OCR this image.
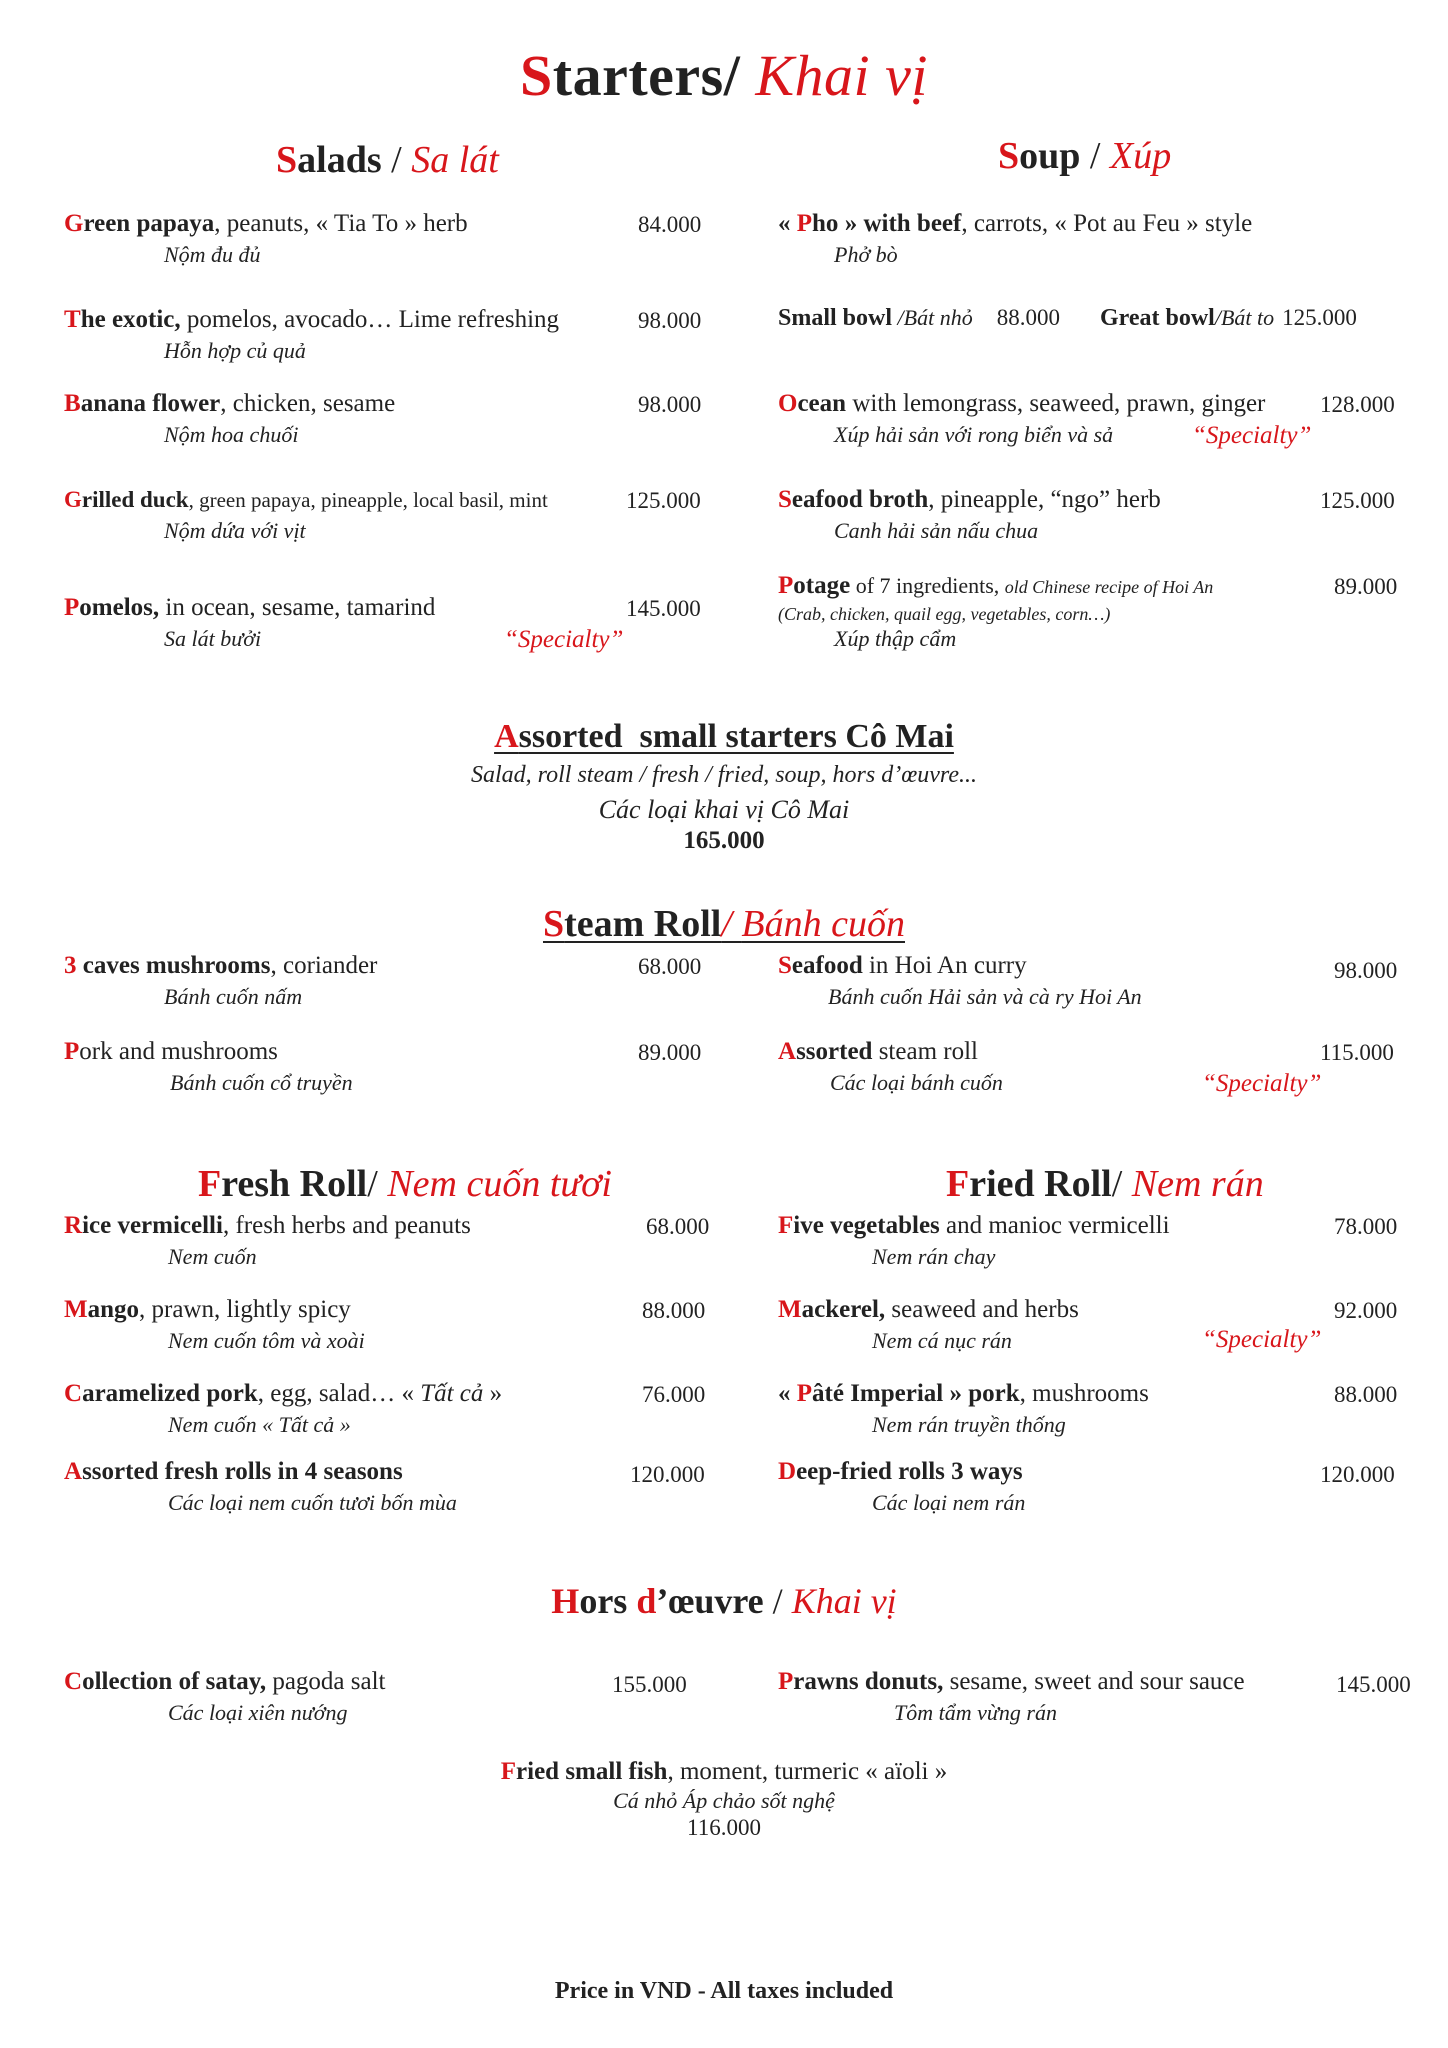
Starters/ Khai vị
Salads / Sa lát	Soup / Xúp
Green papaya, peanuts, « Tia To » herb
Nộm đu đủ
84.000
The exotic, pomelos, avocado… Lime refreshing
Hỗn hợp củ quả
98.000
Banana flower, chicken, sesame
Nộm hoa chuối
98.000
Grilled duck, green papaya, pineapple, local basil, mint
Nộm dứa với vịt
125.000
Pomelos, in ocean, sesame, tamarind
Sa lát bưởi
145.000
“Specialty”
« Pho » with beef, carrots, « Pot au Feu » style
Phở bò
Small bowl /Bát nhỏ 88.000 Great bowl/Bát to 125.000
Ocean with lemongrass, seaweed, prawn, ginger
Xúp hải sản với rong biển và sả
128.000
“Specialty”
Seafood broth, pineapple, “ngo” herb
Canh hải sản nấu chua
125.000
Potage of 7 ingredients, old Chinese recipe of Hoi An
(Crab, chicken, quail egg, vegetables, corn…)
Xúp thập cẩm
89.000
Assorted  small starters Cô Mai
Salad, roll steam / fresh / fried, soup, hors d’œuvre...
Các loại khai vị Cô Mai
165.000
Steam Roll/ Bánh cuốn
3 caves mushrooms, coriander
Bánh cuốn nấm
68.000
Pork and mushrooms
Bánh cuốn cổ truyền
89.000
Seafood in Hoi An curry
Bánh cuốn Hải sản và cà ry Hoi An
98.000
Assorted steam roll
Các loại bánh cuốn
115.000
“Specialty”
Fresh Roll/ Nem cuốn tươi	Fried Roll/ Nem rán
Rice vermicelli, fresh herbs and peanuts
Nem cuốn
68.000
Mango, prawn, lightly spicy
Nem cuốn tôm và xoài
88.000
Caramelized pork, egg, salad… « Tất cả »
Nem cuốn « Tất cả »
76.000
Assorted fresh rolls in 4 seasons
Các loại nem cuốn tươi bốn mùa
120.000
Five vegetables and manioc vermicelli
Nem rán chay
78.000
Mackerel, seaweed and herbs
Nem cá nục rán
92.000
“Specialty”
« Pâté Imperial » pork, mushrooms
Nem rán truyền thống
88.000
Deep-fried rolls 3 ways
Các loại nem rán
120.000
Hors d’œuvre / Khai vị
Collection of satay, pagoda salt
Các loại xiên nướng
155.000	Prawns donuts, sesame, sweet and sour sauce
Tôm tẩm vừng rán
145.000
Fried small fish, moment, turmeric « aïoli »
Cá nhỏ Áp chảo sốt nghệ
116.000
Price in VND - All taxes included
